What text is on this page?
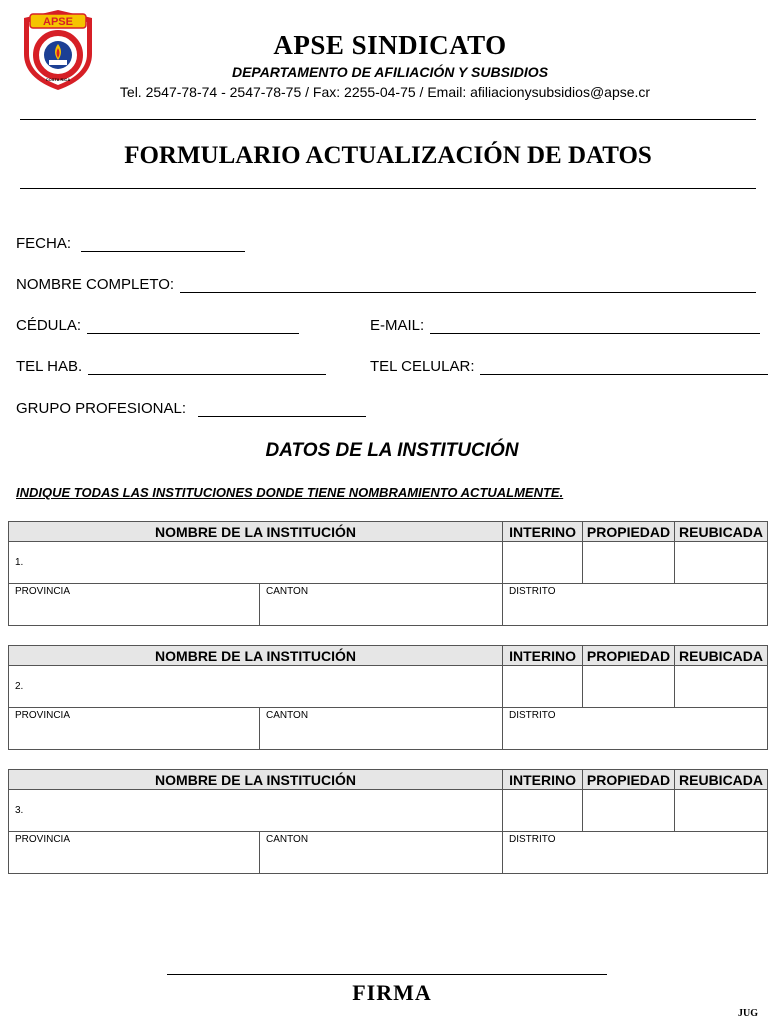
APSE
COSTA RICA
APSE SINDICATO
DEPARTAMENTO DE AFILIACIÓN Y SUBSIDIOS
Tel. 2547-78-74 - 2547-78-75 / Fax: 2255-04-75 / Email: afiliacionysubsidios@apse.cr
FORMULARIO ACTUALIZACIÓN DE DATOS
FECHA:
NOMBRE COMPLETO:
CÉDULA:	E-MAIL:
TEL HAB.	TEL CELULAR:
GRUPO PROFESIONAL:
DATOS DE LA INSTITUCIÓN
INDIQUE TODAS LAS INSTITUCIONES DONDE TIENE NOMBRAMIENTO ACTUALMENTE.
NOMBRE DE LA INSTITUCIÓN		INTERINO	PROPIEDAD	REUBICADA
1.				
PROVINCIA	CANTON	DISTRITO		
NOMBRE DE LA INSTITUCIÓN		INTERINO	PROPIEDAD	REUBICADA
2.				
PROVINCIA	CANTON	DISTRITO		
NOMBRE DE LA INSTITUCIÓN		INTERINO	PROPIEDAD	REUBICADA
3.				
PROVINCIA	CANTON	DISTRITO		
FIRMA
JUG
